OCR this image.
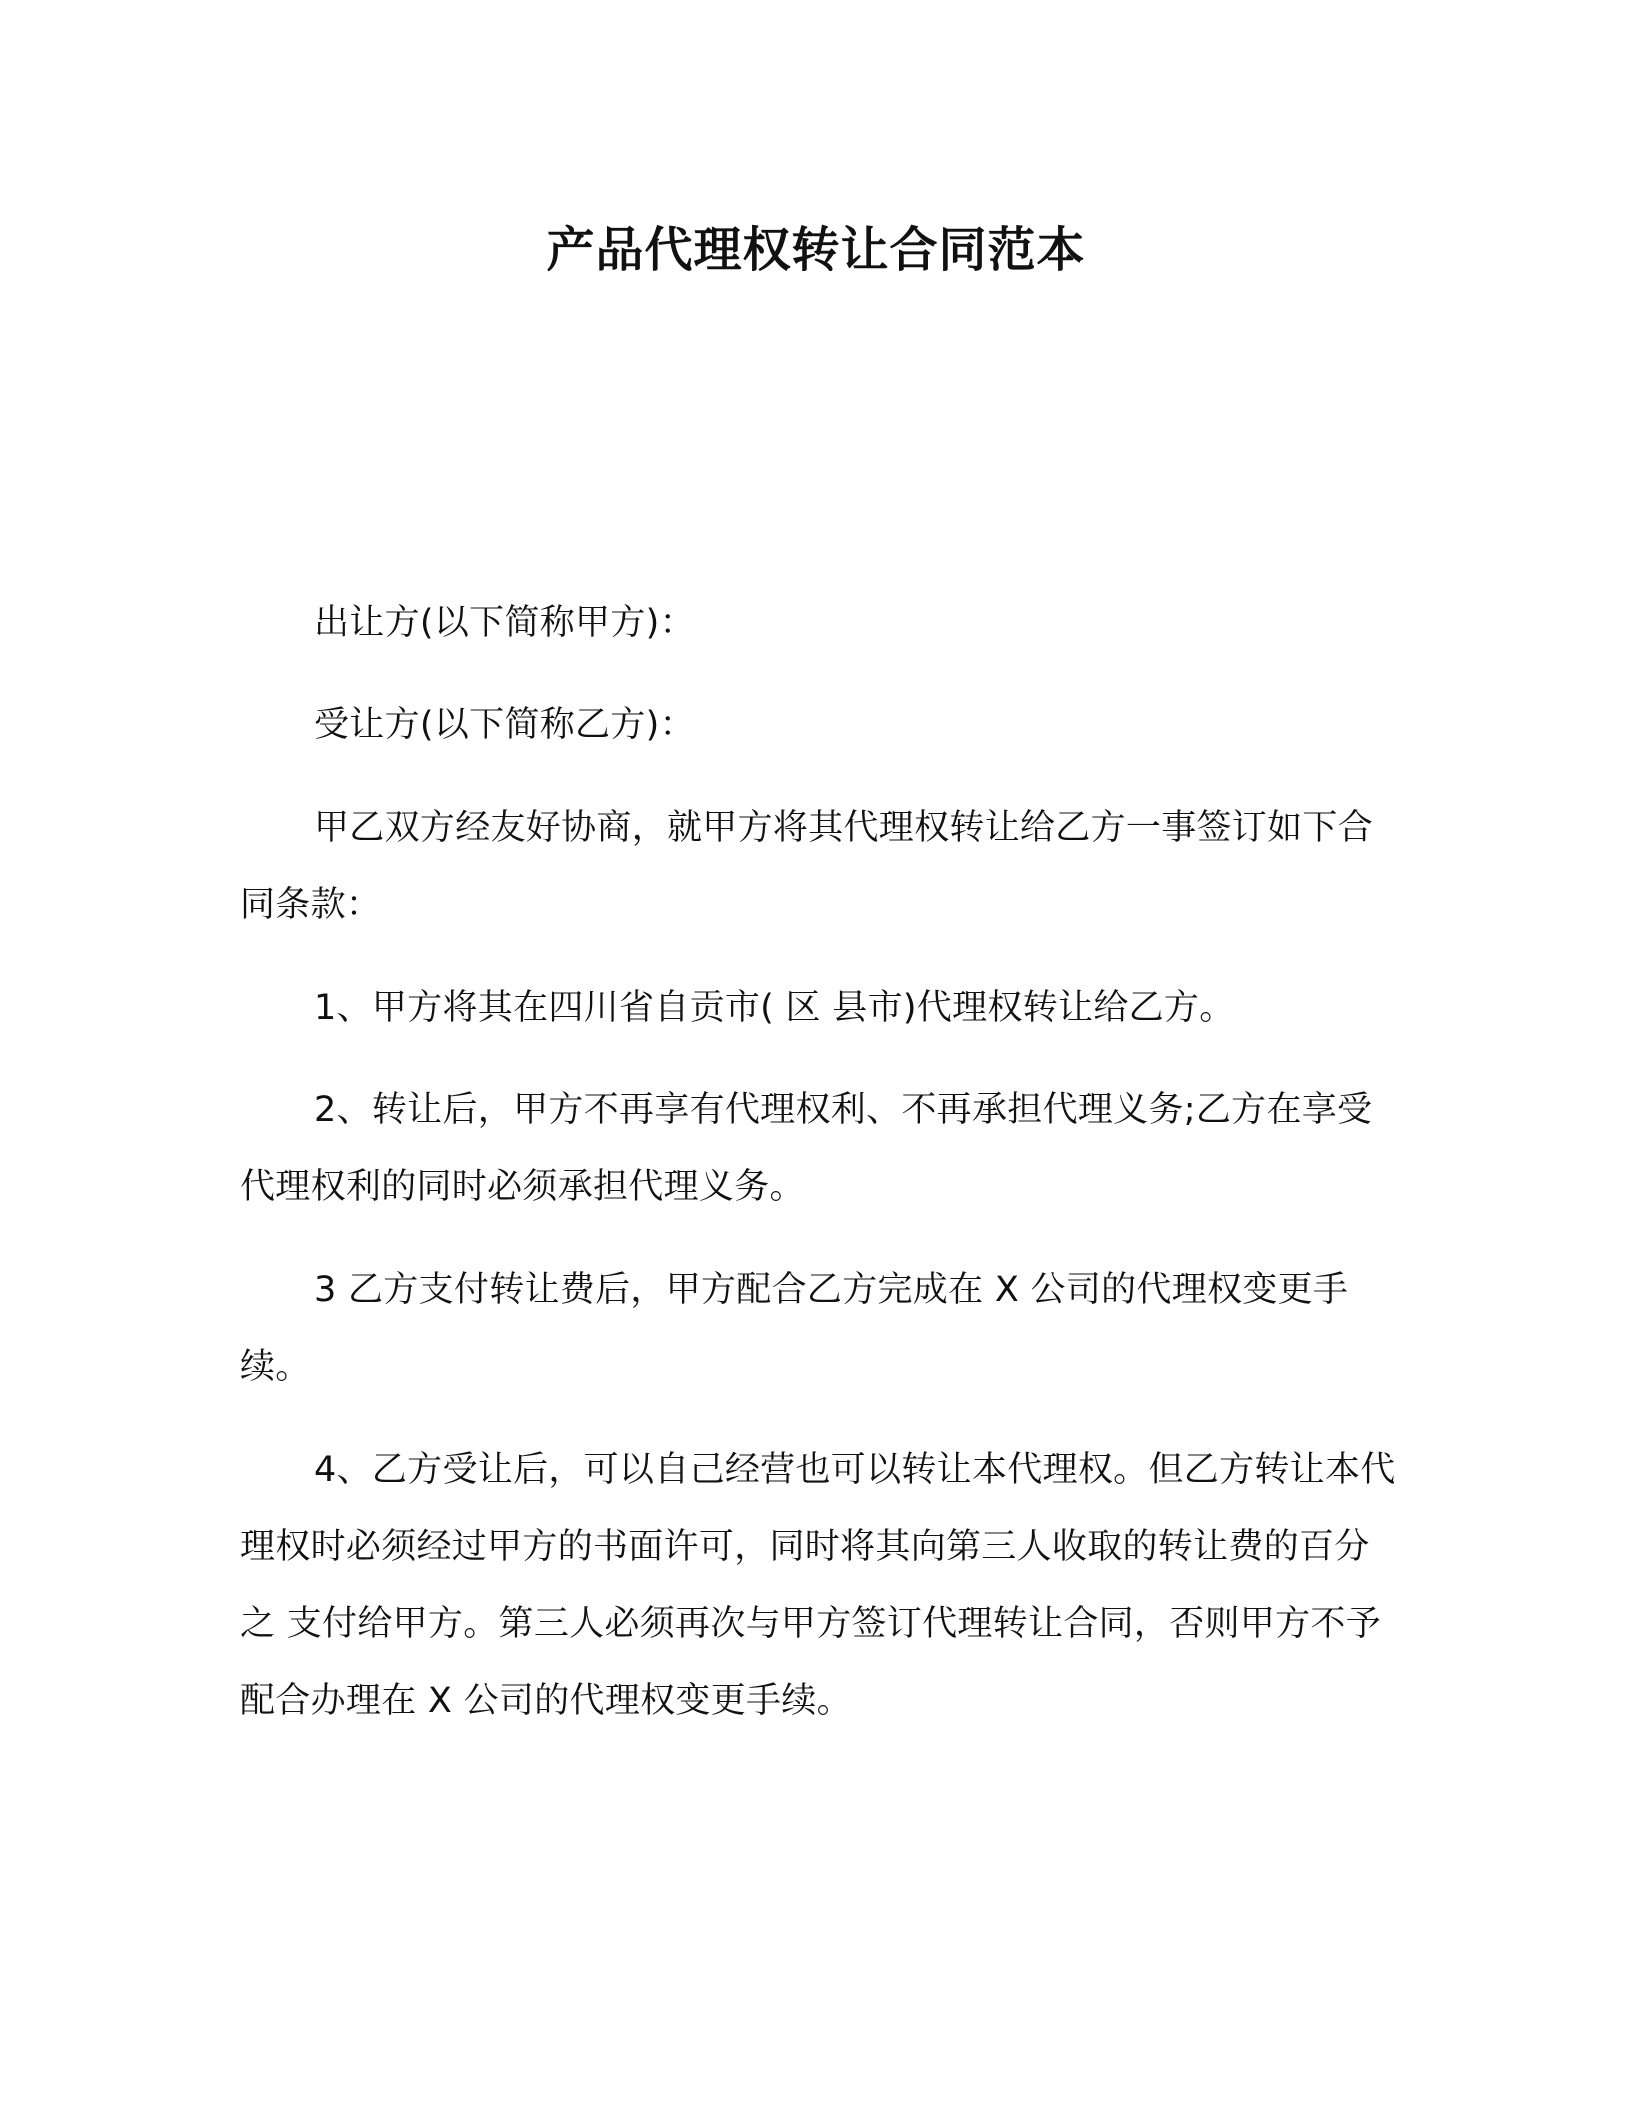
产品代理权转让合同范本
出让方(以下简称甲方)：
受让方(以下简称乙方)：
甲乙双方经友好协商，就甲方将其代理权转让给乙方一事签订如下合同条款：
1、甲方将其在四川省自贡市( 区 县市)代理权转让给乙方。
2、转让后，甲方不再享有代理权利、不再承担代理义务;乙方在享受代理权利的同时必须承担代理义务。
3 乙方支付转让费后，甲方配合乙方完成在 X 公司的代理权变更手续。
4、乙方受让后，可以自己经营也可以转让本代理权。但乙方转让本代理权时必须经过甲方的书面许可，同时将其向第三人收取的转让费的百分之 支付给甲方。第三人必须再次与甲方签订代理转让合同，否则甲方不予配合办理在 X 公司的代理权变更手续。
